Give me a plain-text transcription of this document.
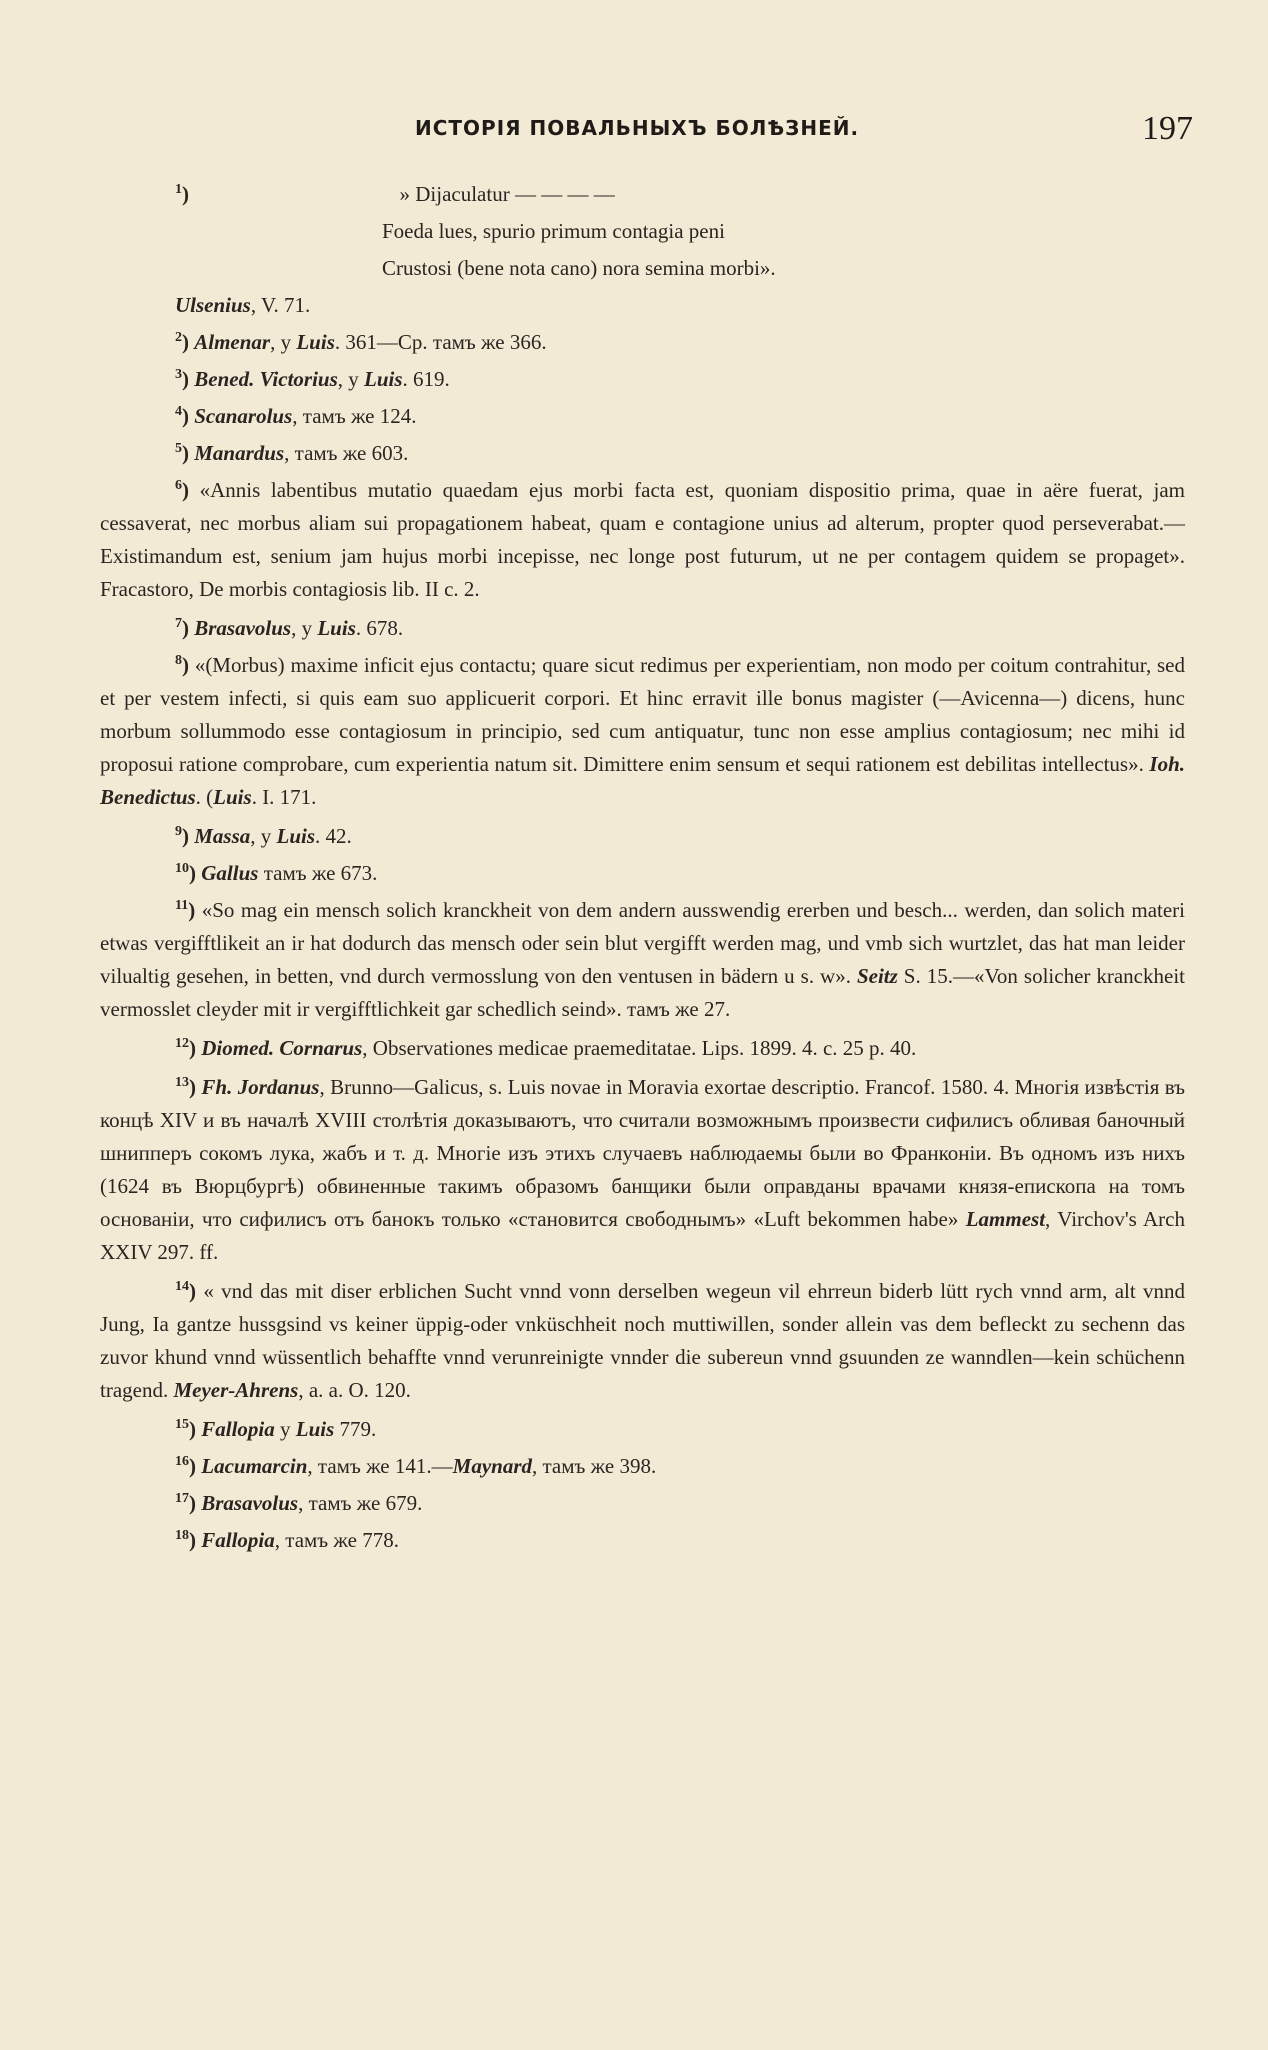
ИСТОРІЯ ПОВАЛЬНЫХЪ БОЛѢЗНЕЙ.	197
$^1$)	» Dijaculatur — — — —
Foeda lues, spurio primum contagia peni
Crustosi (bene nota cano) nora semina morbi».
Ulsenius, V. 71.
$^2$) Almenar, у Luis. 361—Ср. тамъ же 366.
$^3$) Bened. Victorius, у Luis. 619.
$^4$) Scanarolus, тамъ же 124.
$^5$) Manardus, тамъ же 603.
$^6$) «Annis labentibus mutatio quaedam ejus morbi facta est, quoniam dispositio prima, quae in aëre fuerat, jam cessaverat, nec morbus aliam sui propagationem habeat, quam e contagione unius ad alterum, propter quod perseverabat.—Existimandum est, senium jam hujus morbi incepisse, nec longe post futurum, ut ne per contagem quidem se propaget». Fracastoro, De morbis contagiosis lib. II c. 2.
$^7$) Brasavolus, у Luis. 678.
$^8$) «(Morbus) maxime inficit ejus contactu; quare sicut redimus per experientiam, non modo per coitum contrahitur, sed et per vestem infecti, si quis eam suo applicuerit corpori. Et hinc erravit ille bonus magister (—Avicenna—) dicens, hunc morbum sollummodo esse contagiosum in principio, sed cum antiquatur, tunc non esse amplius contagiosum; nec mihi id proposui ratione comprobare, cum experientia natum sit. Dimittere enim sensum et sequi rationem est debilitas intellectus». Ioh. Benedictus. (Luis. I. 171.
$^9$) Massa, у Luis. 42.
$^{10}$) Gallus тамъ же 673.
$^{11}$) «So mag ein mensch solich kranckheit von dem andern ausswendig ererben und besch... werden, dan solich materi etwas vergifftlikeit an ir hat dodurch das mensch oder sein blut vergifft werden mag, und vmb sich wurtzlet, das hat man leider vilualtig gesehen, in betten, vnd durch vermosslung von den ventusen in bädern u s. w». Seitz S. 15.—«Von solicher kranckheit vermosslet cleyder mit ir vergifftlichkeit gar schedlich seind». тамъ же 27.
$^{12}$) Diomed. Cornarus, Observationes medicae praemeditatae. Lips. 1899. 4. c. 25 p. 40.
$^{13}$) Fh. Jordanus, Brunno—Galicus, s. Luis novae in Moravia exortae descriptio. Francof. 1580. 4. Многія извѣстія въ концѣ XIV и въ началѣ XVIII столѣтія доказываютъ, что считали возможнымъ произвести сифилисъ обливая баночный шнипперъ сокомъ лука, жабъ и т. д. Многіе изъ этихъ случаевъ наблюдаемы были во Франконіи. Въ одномъ изъ нихъ (1624 въ Вюрцбургѣ) обвиненные такимъ образомъ банщики были оправданы врачами князя-епископа на томъ основаніи, что сифилисъ отъ банокъ только «становится свободнымъ» «Luft bekommen habe» Lammest, Virchov's Arch XXIV 297. ff.
$^{14}$) « vnd das mit diser erblichen Sucht vnnd vonn derselben wegeun vil ehrreun biderb lütt rych vnnd arm, alt vnnd Jung, Ia gantze hussgsind vs keiner üppig-oder vnküschheit noch muttiwillen, sonder allein vas dem befleckt zu sechenn das zuvor khund vnnd wüssentlich behaffte vnnd verunreinigte vnnder die subereun vnnd gsuunden ze wanndlen—kein schüchenn tragend. Meyer-Ahrens, a. a. O. 120.
$^{15}$) Fallopia у Luis 779.
$^{16}$) Lacumarcin, тамъ же 141.—Maynard, тамъ же 398.
$^{17}$) Brasavolus, тамъ же 679.
$^{18}$) Fallopia, тамъ же 778.
